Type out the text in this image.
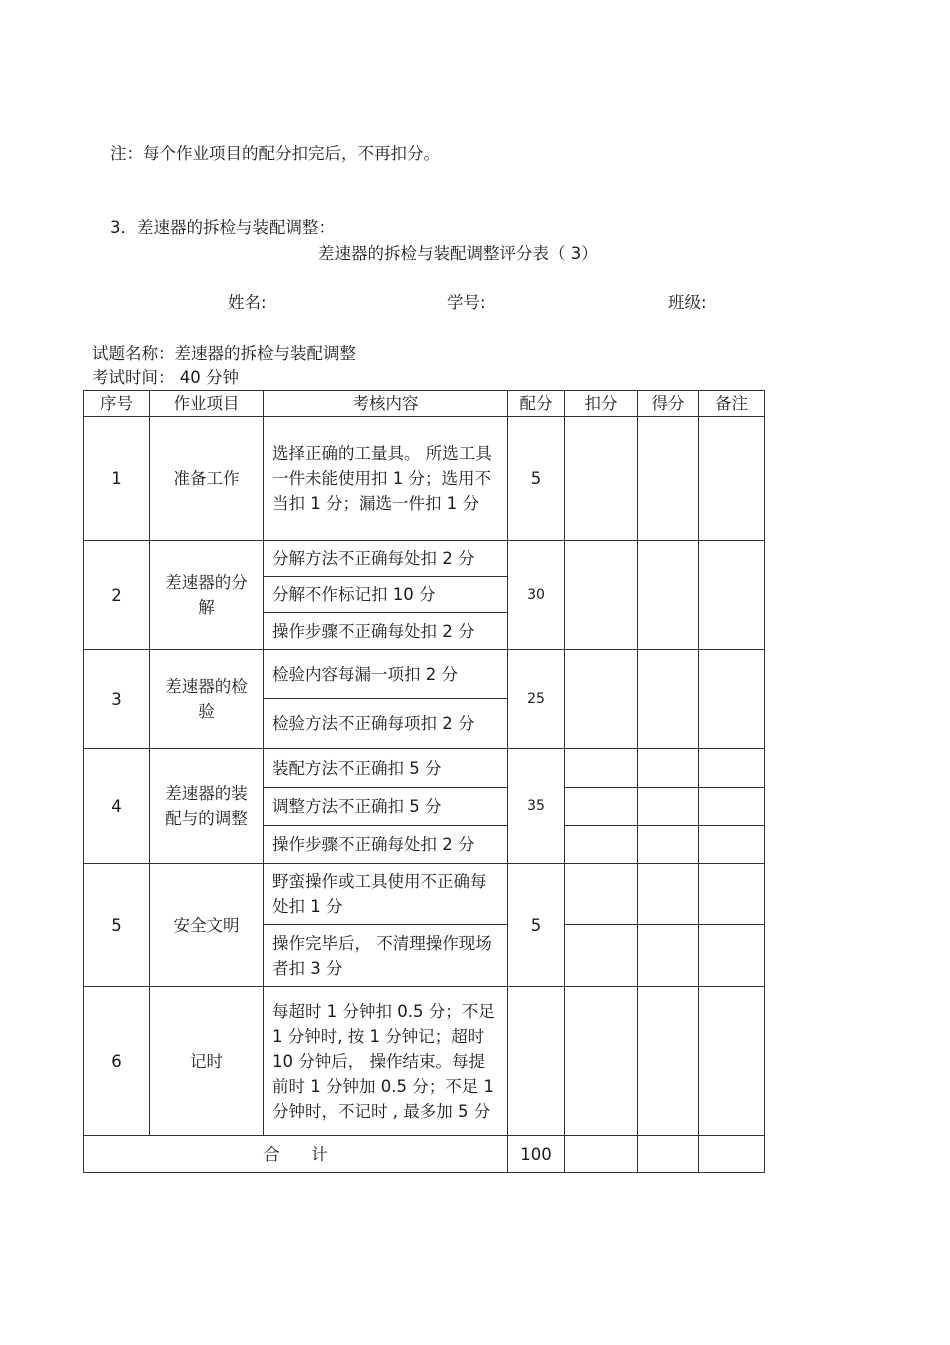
注：每个作业项目的配分扣完后，不再扣分。
3．差速器的拆检与装配调整：
差速器的拆检与装配调整评分表（ 3）
姓名:	学号:	班级:
试题名称：差速器的拆检与装配调整
考试时间： 40 分钟
序号	作业项目	考核内容	配分	扣分	得分	备注
1	准备工作	选择正确的工量具。 所选工具一件未能使用扣 1 分；选用不当扣 1 分；漏选一件扣 1 分	5			
2	差速器的分解	分解方法不正确每处扣 2 分	30			
		分解不作标记扣 10 分				
		操作步骤不正确每处扣 2 分				
3	差速器的检验	检验内容每漏一项扣 2 分	25			
		检验方法不正确每项扣 2 分				
4	差速器的装配与的调整	装配方法不正确扣 5 分	35			
		调整方法不正确扣 5 分				
		操作步骤不正确每处扣 2 分				
5	安全文明	野蛮操作或工具使用不正确每处扣 1 分	5			
		操作完毕后， 不清理操作现场者扣 3 分				
6	记时	每超时 1 分钟扣 0.5 分；不足 1 分钟时, 按 1 分钟记；超时 10 分钟后， 操作结束。每提前时 1 分钟加 0.5 分；不足 1 分钟时，不记时 , 最多加 5 分				
合      计			100			
